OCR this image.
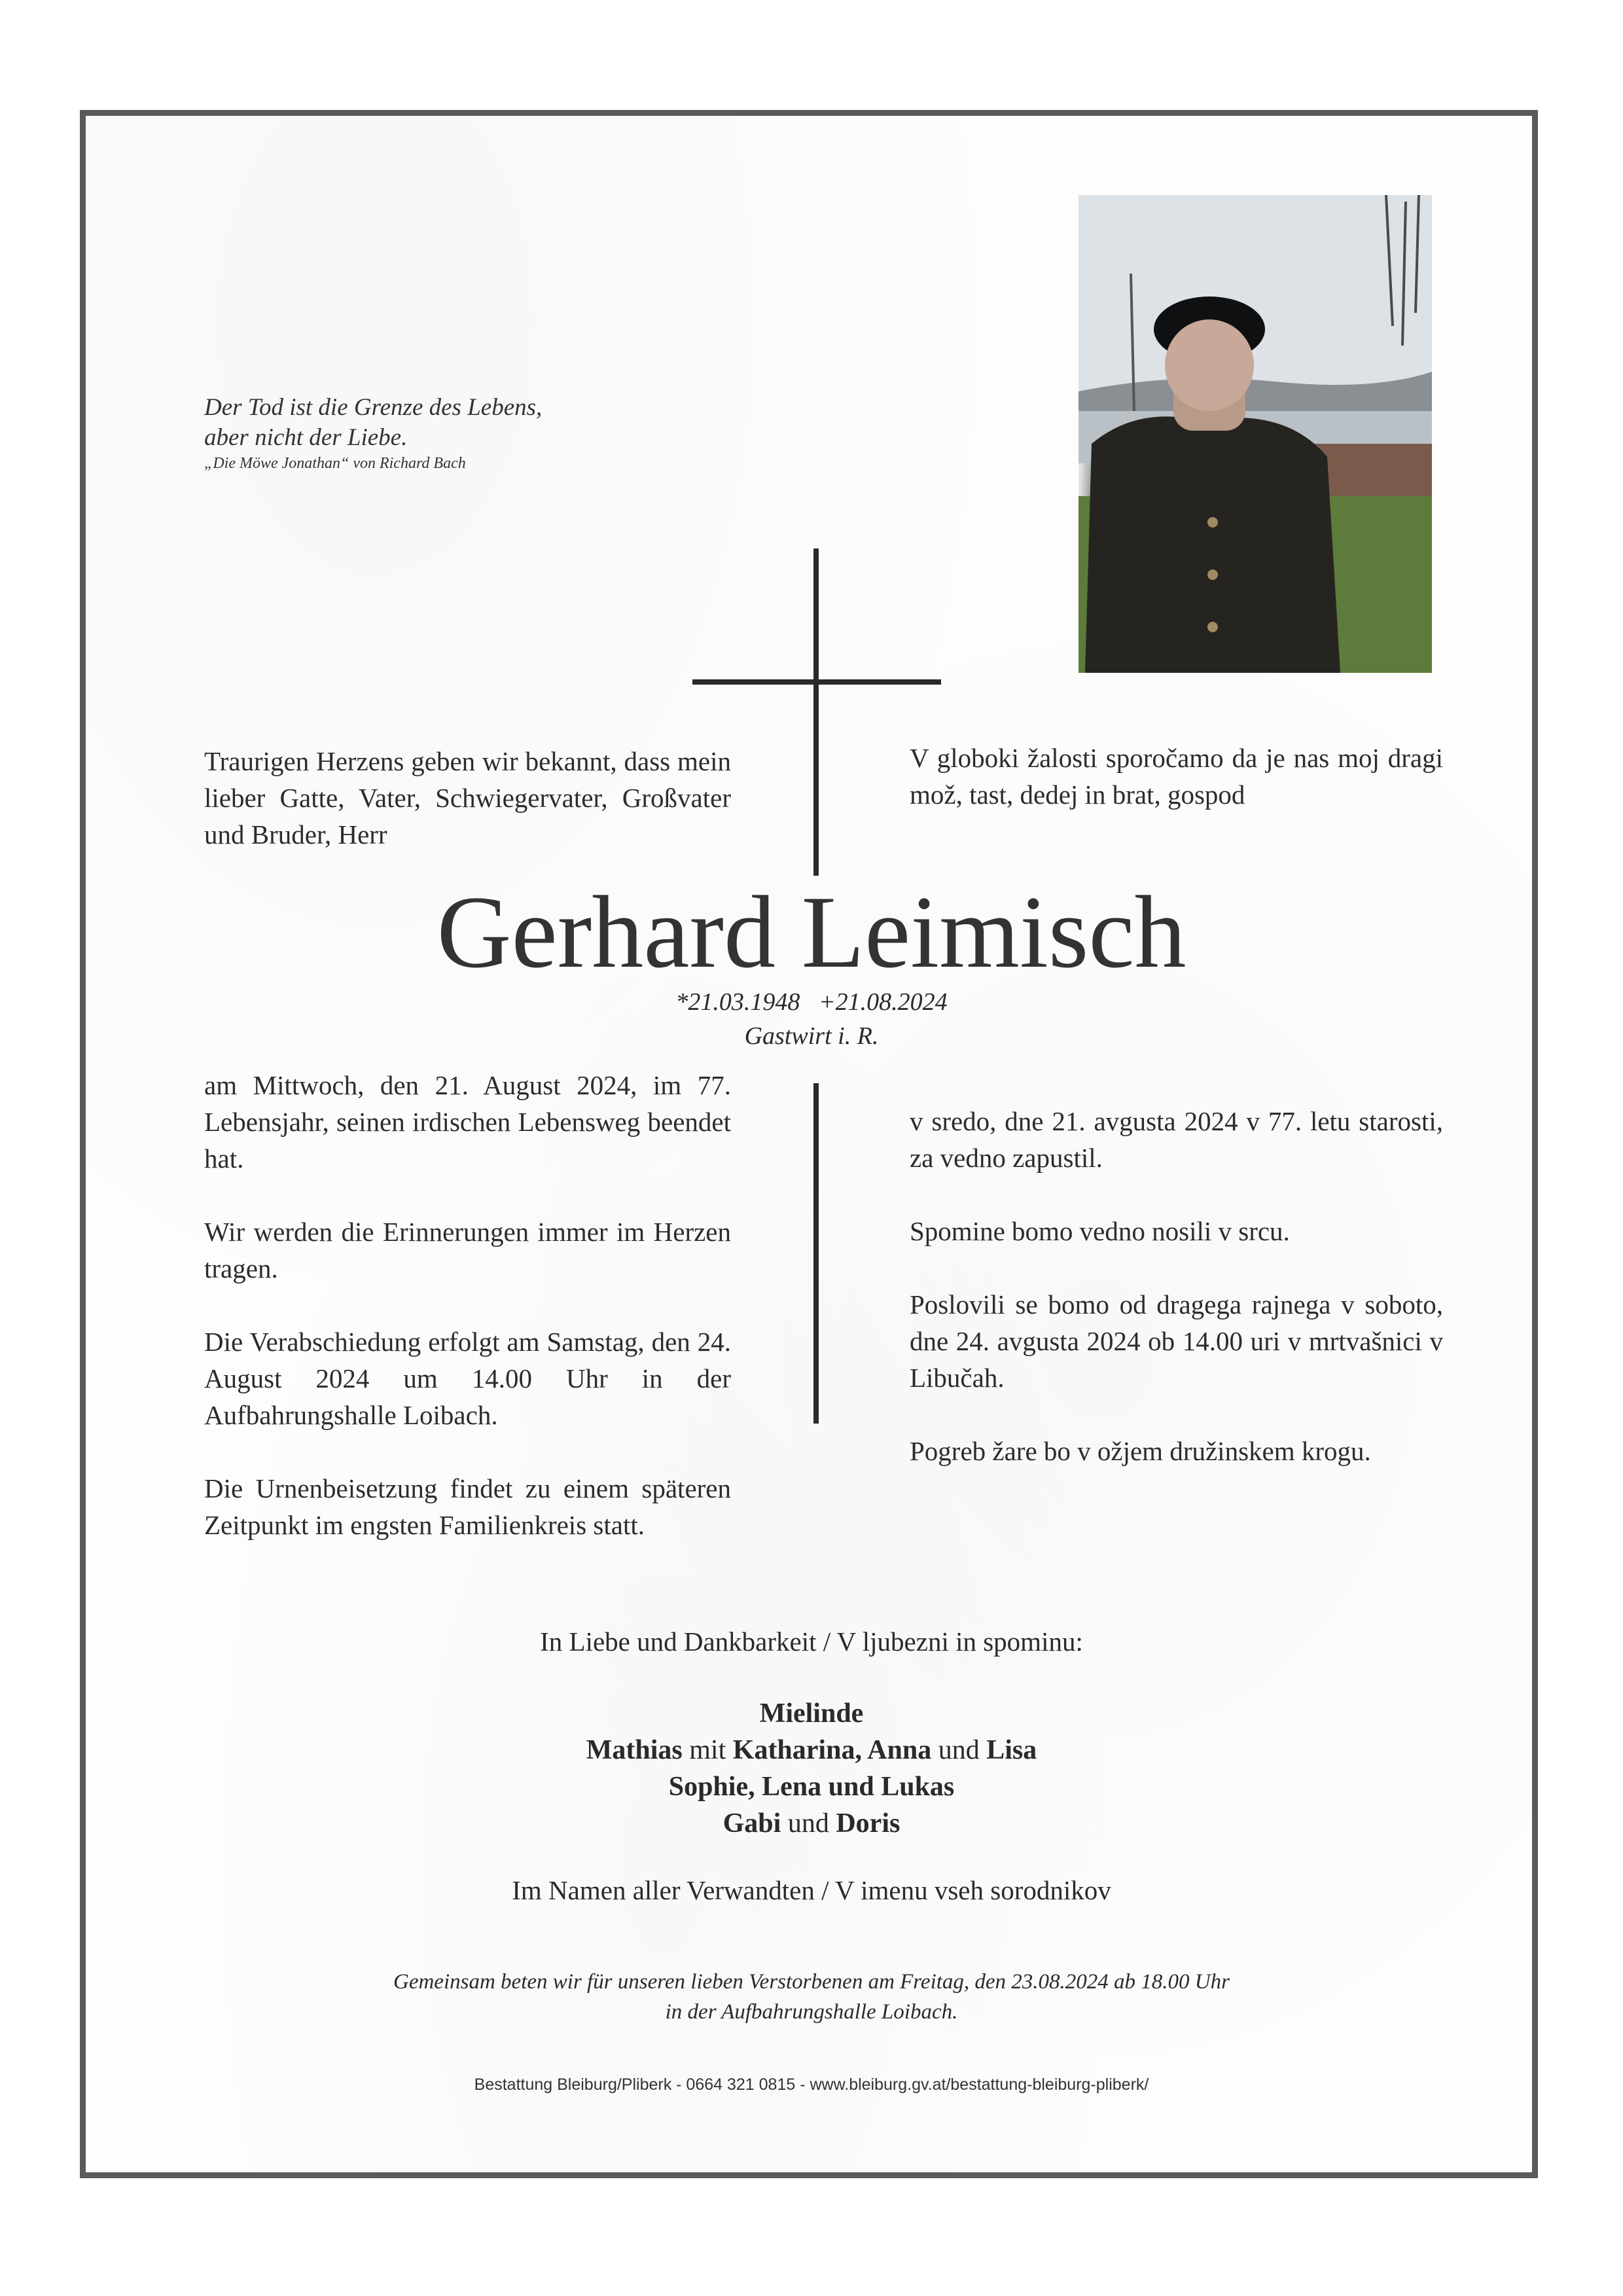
Der Tod ist die Grenze des Lebens,
aber nicht der Liebe.
„Die Möwe Jonathan“ von Richard Bach
Traurigen Herzens geben wir bekannt, dass mein lieber Gatte, Vater, Schwiegervater, Großvater und Bruder, Herr
V globoki žalosti sporočamo da je nas moj dragi mož, tast, dedej in brat, gospod
Gerhard Leimisch
*21.03.1948   +21.08.2024
Gastwirt i. R.

am Mittwoch, den 21. August 2024, im 77. Lebensjahr, seinen irdischen Lebensweg beendet hat.

Wir werden die Erinnerungen immer im Herzen tragen.

Die Verabschiedung erfolgt am Samstag, den 24. August 2024 um 14.00 Uhr in der Aufbahrungshalle Loibach.

Die Urnenbeisetzung findet zu einem späteren Zeitpunkt im engsten Familienkreis statt.

v sredo, dne 21. avgusta 2024 v 77. letu starosti, za vedno zapustil.

Spomine bomo vedno nosili v srcu.

Poslovili se bomo od dragega rajnega v soboto, dne 24. avgusta 2024 ob 14.00 uri v mrtvašnici v Libučah.

Pogreb žare bo v ožjem družinskem krogu.

In Liebe und Dankbarkeit / V ljubezni in spominu:
Mielinde
Mathias mit Katharina, Anna und Lisa
Sophie, Lena und Lukas
Gabi und Doris
Im Namen aller Verwandten / V imenu vseh sorodnikov
Gemeinsam beten wir für unseren lieben Verstorbenen am Freitag, den 23.08.2024 ab 18.00 Uhr
in der Aufbahrungshalle Loibach.
Bestattung Bleiburg/Pliberk - 0664 321 0815 - www.bleiburg.gv.at/bestattung-bleiburg-pliberk/
